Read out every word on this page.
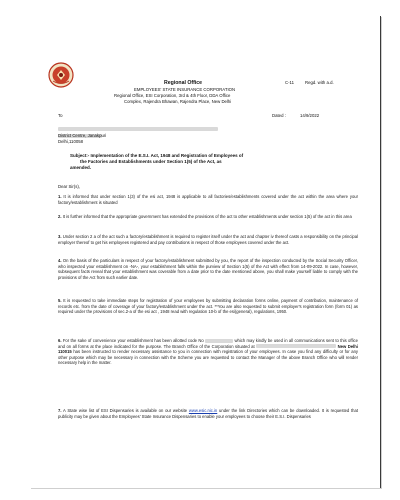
Regional Office
EMPLOYEES' STATE INSURANCE CORPORATION
Regional Office, ESI Corporation, 3rd & 4th Floor, DDA Office
Complex, Rajendra Bhawan, Rajendra Place, New Delhi
C-11	Regd. with a.d.
To	Dated :	14/9/2022
District Centre, Janakpuri
Delhi,110058
Subject:- Implementation of the E.S.I. Act, 1948 and Registration of Employees of
the Factories and Establishments under Section 1(5) of the Act, as
amended.
Dear Sir(s),
1. It is informed that under section 1(3) of the esi act, 1948 is applicable to all factories/establishments covered under the act within the area where your factory/establishment is situated
2. It is further informed that the appropriate government has extended the provisions of the act to other establishments under section 1(5) of the act in this area
3. Under section 2 a of the act such a factory/establishment is required to register itself under the act and chapter iv thereof casts a responsibility on the principal employer thereof to get his employees registered and pay contributions in respect of those employees covered under the act.
4. On the basis of the particulars in respect of your factory/establishment submitted by you, the report of the inspection conducted by the Social Security Officer, who inspected your establishment on -NA-, your establishment falls within the purview of Section 1(5) of the Act with effect from 14-09-2022. In case, however, subsequent facts reveal that your establishment was coverable from a date prior to the date mentioned above, you shall make yourself liable to comply with the provisions of the Act from such earlier date.
5. It is requested to take immediate steps for registration of your employees by submitting declaration forms online, payment of contribution, maintenance of records etc. from the date of coverage of your factory/establishment under the act. **You are also requested to submit employer's registration form (form 01) as required under the provisions of sec.2-a of the esi act , 1948 read with regulation 10-b of the esi(general), regulations, 1950.
6. For the sake of convenience your establishment has been allotted code No	which may kindly be used in all communications sent to this office and on all forms at the place indicated for the purpose. The Branch Office of the Corporation situated at	New Delhi 110015 has been instructed to render necessary assistance to you in connection with registration of your employees. In case you find any difficulty or for any other purpose which may be necessary in connection with the Scheme you are requested to contact the Manager of the above Branch Office who will render necessary help in the matter.
7. A State wise list of ESI Dispensaries is available on our website www.esic.nic.in under the link Directories which can be downloaded. It is requested that publicity may be given about the Employees' State Insurance Dispensaries to enable your employees to choose their E.S.I. Dispensaries
